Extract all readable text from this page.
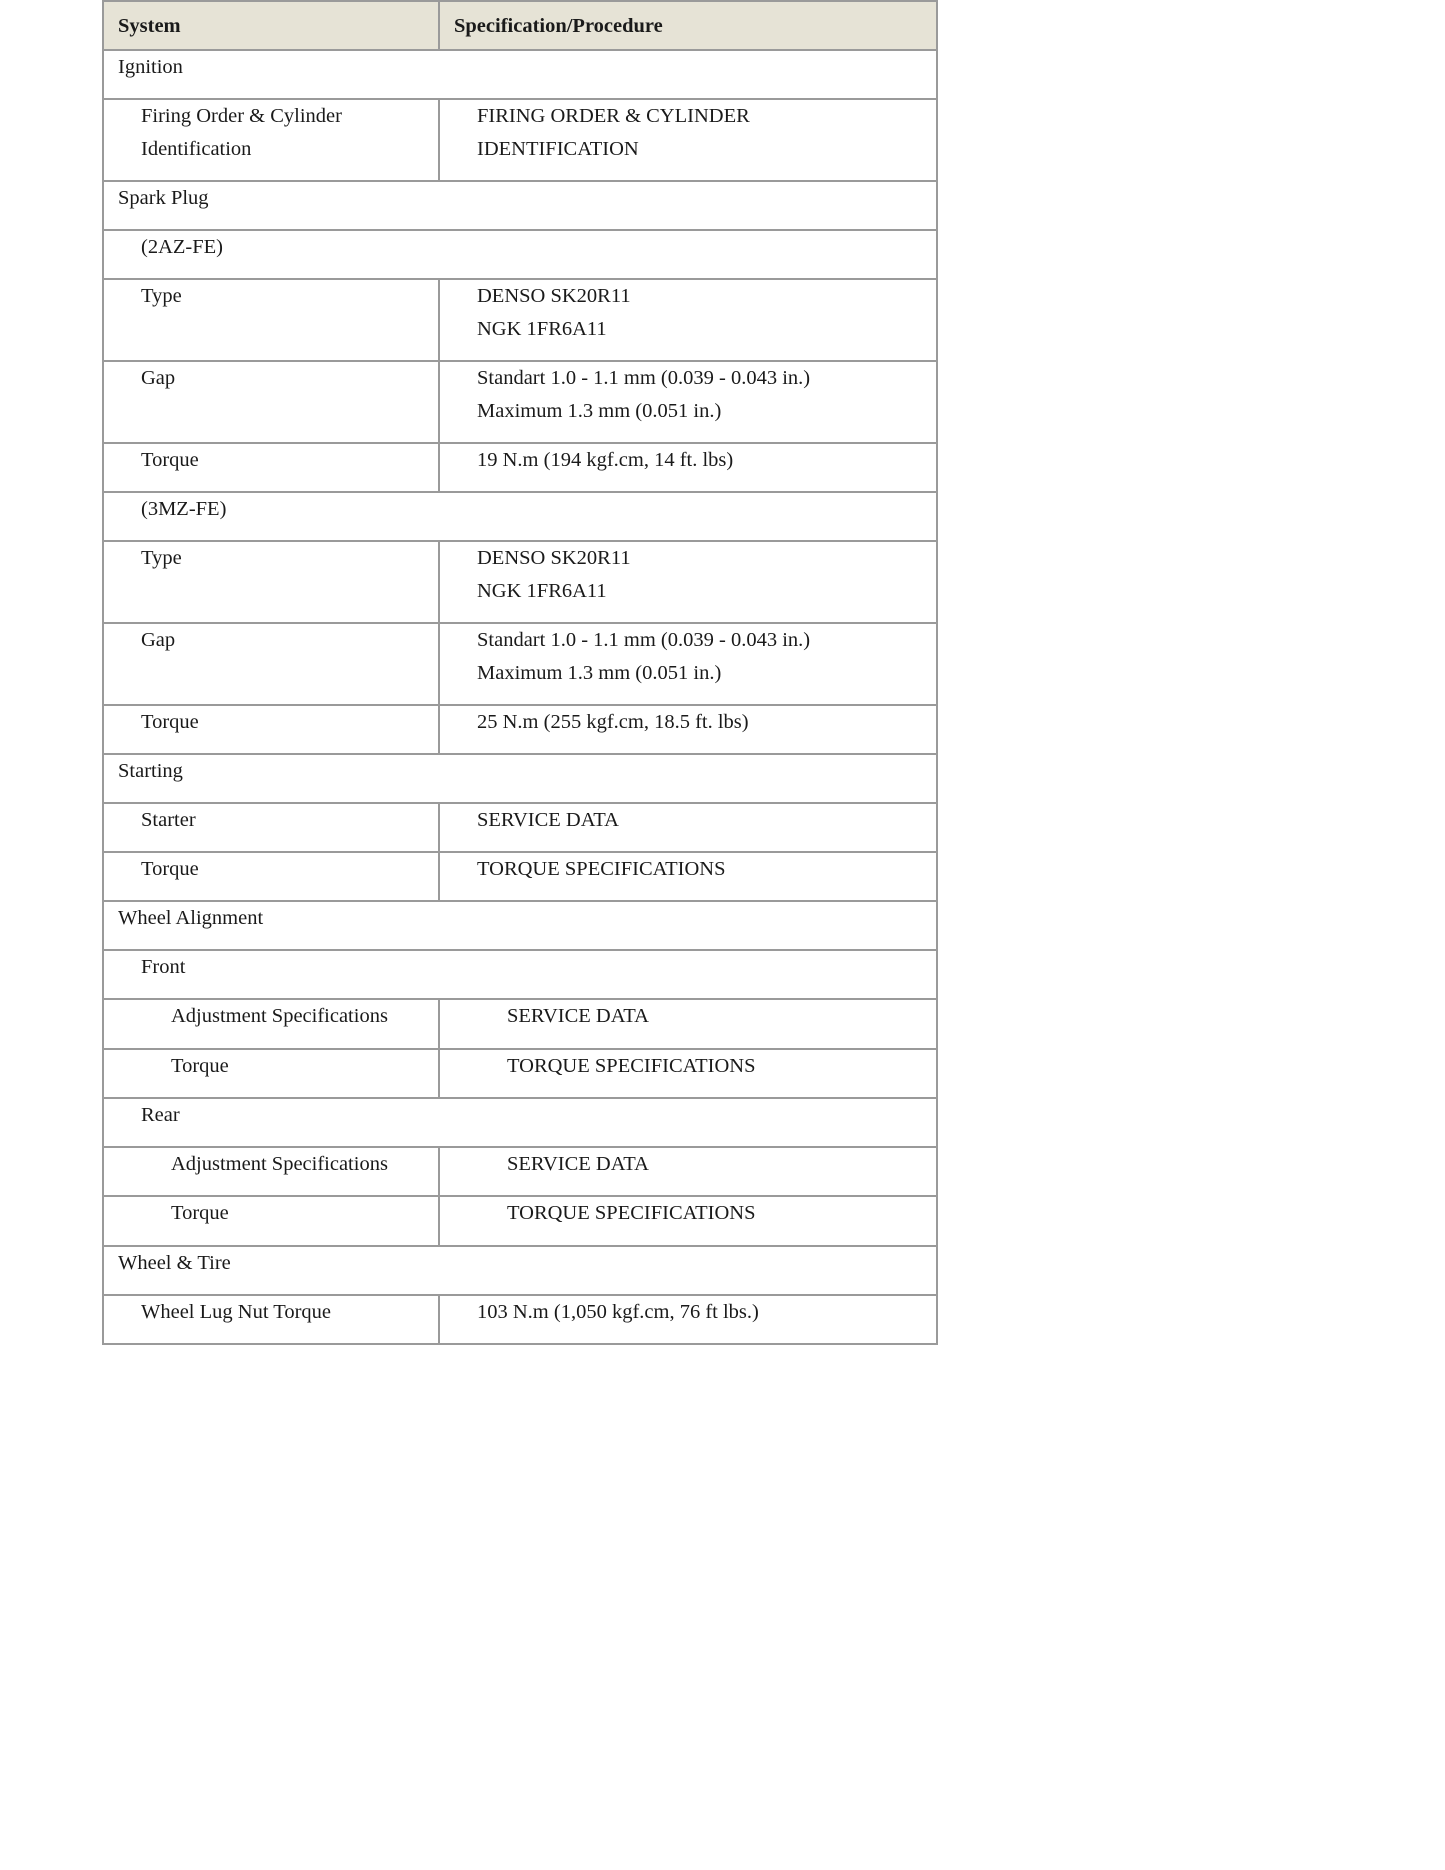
System	Specification/Procedure
Ignition	

Firing Order & Cylinder
Identification	FIRING ORDER & CYLINDER
IDENTIFICATION

Spark Plug	
(2AZ-FE)	
Type	DENSO SK20R11
NGK 1FR6A11

Gap	Standart 1.0 - 1.1 mm (0.039 - 0.043 in.)
Maximum 1.3 mm (0.051 in.)

Torque	19 N.m (194 kgf.cm, 14 ft. lbs)
(3MZ-FE)	
Type	DENSO SK20R11
NGK 1FR6A11

Gap	Standart 1.0 - 1.1 mm (0.039 - 0.043 in.)
Maximum 1.3 mm (0.051 in.)

Torque	25 N.m (255 kgf.cm, 18.5 ft. lbs)
Starting	
Starter	SERVICE DATA
Torque	TORQUE SPECIFICATIONS
Wheel Alignment	
Front	
Adjustment Specifications	SERVICE DATA
Torque	TORQUE SPECIFICATIONS
Rear	
Adjustment Specifications	SERVICE DATA
Torque	TORQUE SPECIFICATIONS
Wheel & Tire	
Wheel Lug Nut Torque	103 N.m (1,050 kgf.cm, 76 ft lbs.)
